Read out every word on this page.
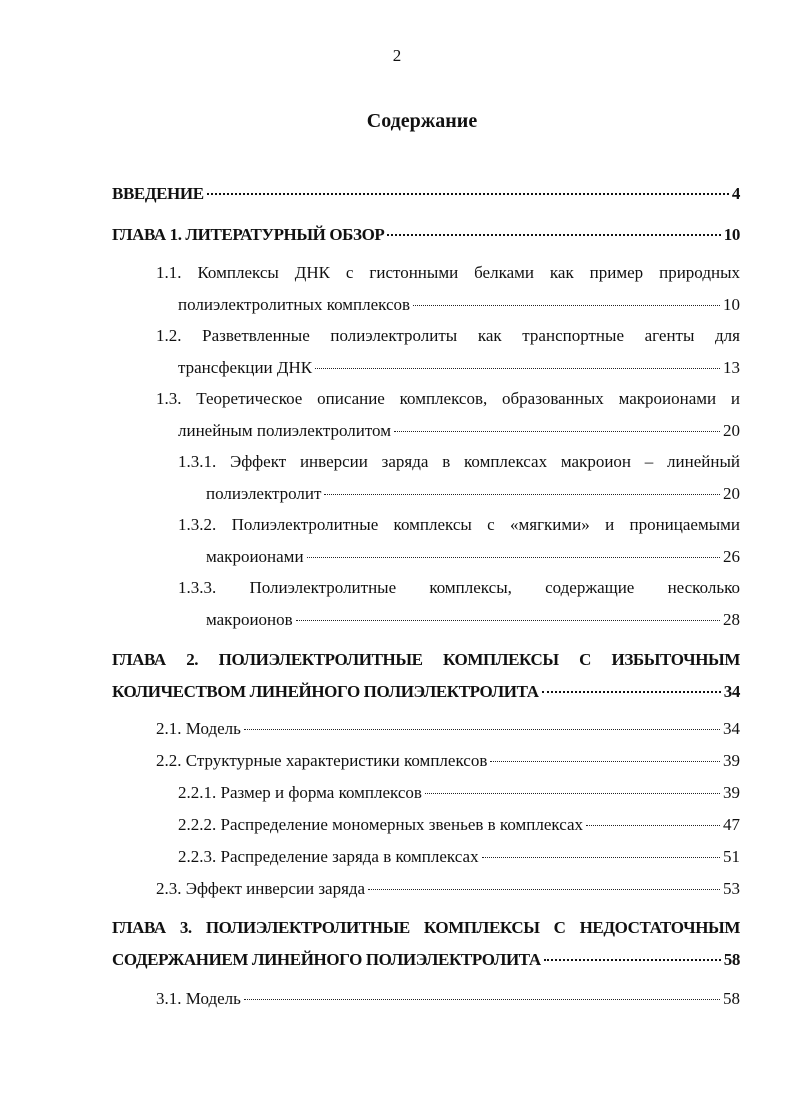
2
Содержание
ВВЕДЕНИЕ	4
ГЛАВА 1. ЛИТЕРАТУРНЫЙ ОБЗОР	10
1.1. Комплексы ДНК с гистонными белками как пример природных
полиэлектролитных комплексов	10
1.2. Разветвленные полиэлектролиты как транспортные агенты для
трансфекции ДНК	13
1.3. Теоретическое описание комплексов, образованных макроионами и
линейным полиэлектролитом	20
1.3.1. Эффект инверсии заряда в комплексах макроион – линейный
полиэлектролит	20
1.3.2. Полиэлектролитные комплексы с «мягкими» и проницаемыми
макроионами	26
1.3.3. Полиэлектролитные комплексы, содержащие несколько
макроионов	28
ГЛАВА 2. ПОЛИЭЛЕКТРОЛИТНЫЕ КОМПЛЕКСЫ С ИЗБЫТОЧНЫМ
КОЛИЧЕСТВОМ ЛИНЕЙНОГО ПОЛИЭЛЕКТРОЛИТА	34
2.1. Модель	34
2.2. Структурные характеристики комплексов	39
2.2.1. Размер и форма комплексов	39
2.2.2. Распределение мономерных звеньев в комплексах	47
2.2.3. Распределение заряда в комплексах	51
2.3. Эффект инверсии заряда	53
ГЛАВА 3. ПОЛИЭЛЕКТРОЛИТНЫЕ КОМПЛЕКСЫ С НЕДОСТАТОЧНЫМ
СОДЕРЖАНИЕМ ЛИНЕЙНОГО ПОЛИЭЛЕКТРОЛИТА	58
3.1. Модель	58
